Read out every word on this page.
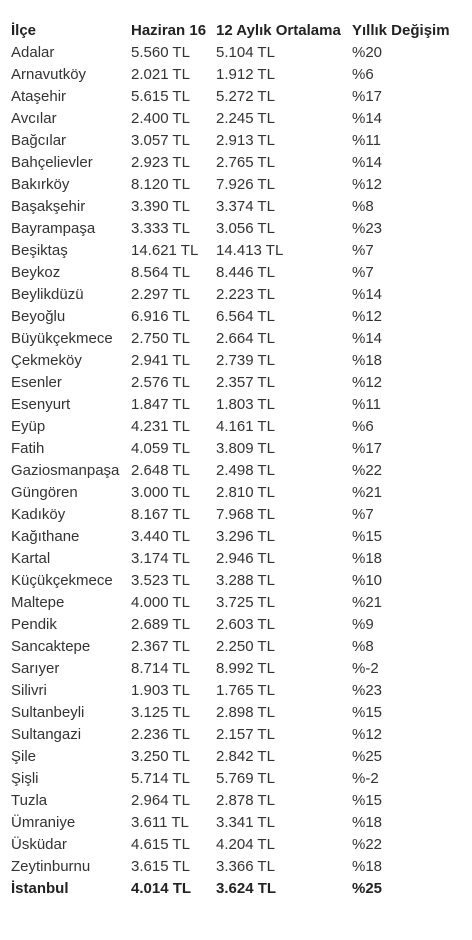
İlçe	Haziran 16	12 Aylık Ortalama	Yıllık Değişim
Adalar	5.560 TL	5.104 TL	%20
Arnavutköy	2.021 TL	1.912 TL	%6
Ataşehir	5.615 TL	5.272 TL	%17
Avcılar	2.400 TL	2.245 TL	%14
Bağcılar	3.057 TL	2.913 TL	%11
Bahçelievler	2.923 TL	2.765 TL	%14
Bakırköy	8.120 TL	7.926 TL	%12
Başakşehir	3.390 TL	3.374 TL	%8
Bayrampaşa	3.333 TL	3.056 TL	%23
Beşiktaş	14.621 TL	14.413 TL	%7
Beykoz	8.564 TL	8.446 TL	%7
Beylikdüzü	2.297 TL	2.223 TL	%14
Beyoğlu	6.916 TL	6.564 TL	%12
Büyükçekmece	2.750 TL	2.664 TL	%14
Çekmeköy	2.941 TL	2.739 TL	%18
Esenler	2.576 TL	2.357 TL	%12
Esenyurt	1.847 TL	1.803 TL	%11
Eyüp	4.231 TL	4.161 TL	%6
Fatih	4.059 TL	3.809 TL	%17
Gaziosmanpaşa	2.648 TL	2.498 TL	%22
Güngören	3.000 TL	2.810 TL	%21
Kadıköy	8.167 TL	7.968 TL	%7
Kağıthane	3.440 TL	3.296 TL	%15
Kartal	3.174 TL	2.946 TL	%18
Küçükçekmece	3.523 TL	3.288 TL	%10
Maltepe	4.000 TL	3.725 TL	%21
Pendik	2.689 TL	2.603 TL	%9
Sancaktepe	2.367 TL	2.250 TL	%8
Sarıyer	8.714 TL	8.992 TL	%-2
Silivri	1.903 TL	1.765 TL	%23
Sultanbeyli	3.125 TL	2.898 TL	%15
Sultangazi	2.236 TL	2.157 TL	%12
Şile	3.250 TL	2.842 TL	%25
Şişli	5.714 TL	5.769 TL	%-2
Tuzla	2.964 TL	2.878 TL	%15
Ümraniye	3.611 TL	3.341 TL	%18
Üsküdar	4.615 TL	4.204 TL	%22
Zeytinburnu	3.615 TL	3.366 TL	%18
İstanbul	4.014 TL	3.624 TL	%25
